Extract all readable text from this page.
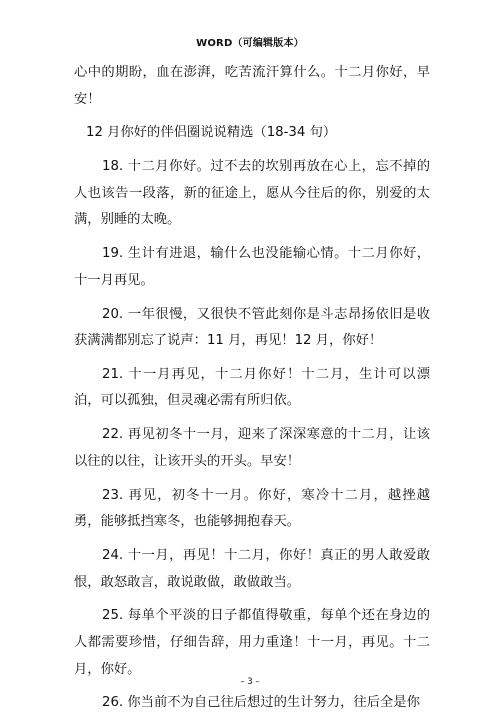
WORD（可编辑版本）

心中的期盼，血在澎湃，吃苦流汗算什么。十二月你好，早安！

12 月你好的伴侣圈说说精选（18-34 句）

18. 十二月你好。过不去的坎别再放在心上，忘不掉的人也该告一段落，新的征途上，愿从今往后的你，别爱的太满，别睡的太晚。

19. 生计有进退，输什么也没能输心情。十二月你好，十一月再见。

20. 一年很慢，又很快不管此刻你是斗志昂扬依旧是收获满满都别忘了说声：11 月，再见！12 月，你好！

21. 十一月再见，十二月你好！十二月，生计可以漂泊，可以孤独，但灵魂必需有所归依。

22. 再见初冬十一月，迎来了深深寒意的十二月，让该以往的以往，让该开头的开头。早安！

23. 再见，初冬十一月。你好，寒冷十二月，越挫越勇，能够抵挡寒冬，也能够拥抱春天。

24. 十一月，再见！十二月，你好！真正的男人敢爱敢恨，敢怒敢言，敢说敢做，敢做敢当。

25. 每单个平淡的日子都值得敬重，每单个还在身边的人都需要珍惜，仔细告辞，用力重逢！十一月，再见。十二月，你好。

26. 你当前不为自己往后想过的生计努力，往后全是你

– 3 –
